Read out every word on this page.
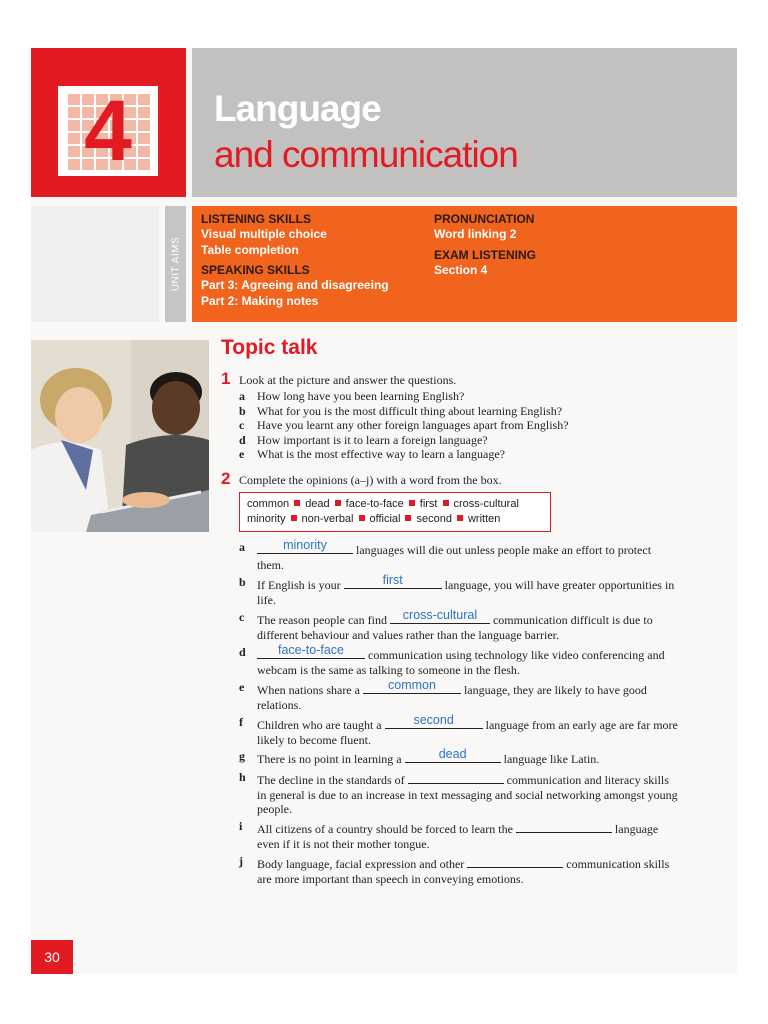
4	Language
and communication
UNIT AIMS
LISTENING SKILLS
Visual multiple choice
Table completion
SPEAKING SKILLS
Part 3: Agreeing and disagreeing
Part 2: Making notes
PRONUNCIATION
Word linking 2
EXAM LISTENING
Section 4
Topic talk
1 Look at the picture and answer the questions.
a	How long have you been learning English?
b What for you is the most difficult thing about learning English?
c	Have you learnt any other foreign languages apart from English?
d How important is it to learn a foreign language?
e	What is the most effective way to learn a language?
2 Complete the opinions (a–j) with a word from the box.
common dead face-to-face first cross-cultural
minority non-verbal official second written
a	minority	languages will die out unless people make an effort to protect them.
b If English is your	first	language, you will have greater opportunities in life.
c The reason people can find	cross-cultural	communication difficult is due to different behaviour and values rather than the language barrier.
d	face-to-face	communication using technology like video conferencing and webcam is the same as talking to someone in the flesh.
e When nations share a	common	language, they are likely to have good relations.
f Children who are taught a	second	language from an early age are far more likely to become fluent.
g There is no point in learning a	dead	language like Latin.
h The decline in the standards of	communication and literacy skills in general is due to an increase in text messaging and social networking amongst young people.
i All citizens of a country should be forced to learn the	language even if it is not their mother tongue.
j Body language, facial expression and other	communication skills are more important than speech in conveying emotions.
30
